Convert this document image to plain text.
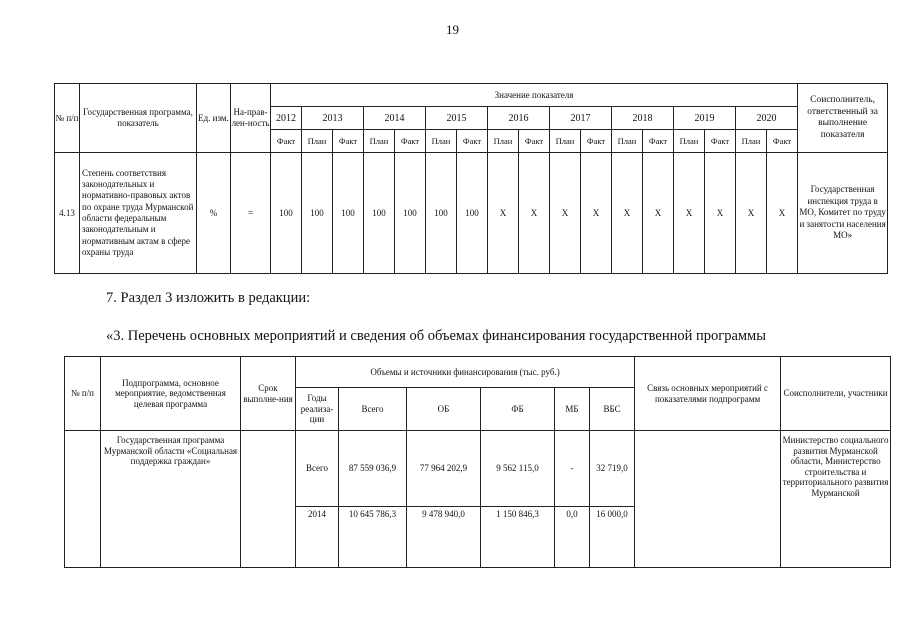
19
№ п/п	Государственная программа, показатель	Ед. изм.	На-прав-лен-ность	Значение показателя																	Соисполнитель, ответственный за выполнение показателя
				2012	2013		2014		2015		2016		2017		2018		2019		2020		
				Факт	План	Факт	План	Факт	План	Факт	План	Факт	План	Факт	План	Факт	План	Факт	План	Факт	
4.13	Степень соответствия законодательных и нормативно-правовых актов по охране труда Мурманской области федеральным законодательным и нормативным актам в сфере охраны труда	%	=	100	100	100	100	100	100	100	X	X	X	X	X	X	X	X	X	X	Государственная инспекция труда в МО, Комитет по труду и занятости населения МО»
7. Раздел 3 изложить в редакции:
«3. Перечень основных мероприятий и сведения об объемах финансирования государственной программы
№ п/п	Подпрограмма, основное мероприятие, ведомственная целевая программа	Срок выполне-ния	Объемы и источники финансирования (тыс. руб.)						Связь основных мероприятий с показателями подпрограмм	Соисполнители, участники
			Годы реализа-ции	Всего	ОБ	ФБ	МБ	ВБС		
	Государственная программа Мурманской области «Социальная поддержка граждан»		Всего	87 559 036,9	77 964 202,9	9 562 115,0	-	32 719,0		Министерство социального развития Мурманской области, Министерство строительства и территориального развития Мурманской
			2014	10 645 786,3	9 478 940,0	1 150 846,3	0,0	16 000,0		
